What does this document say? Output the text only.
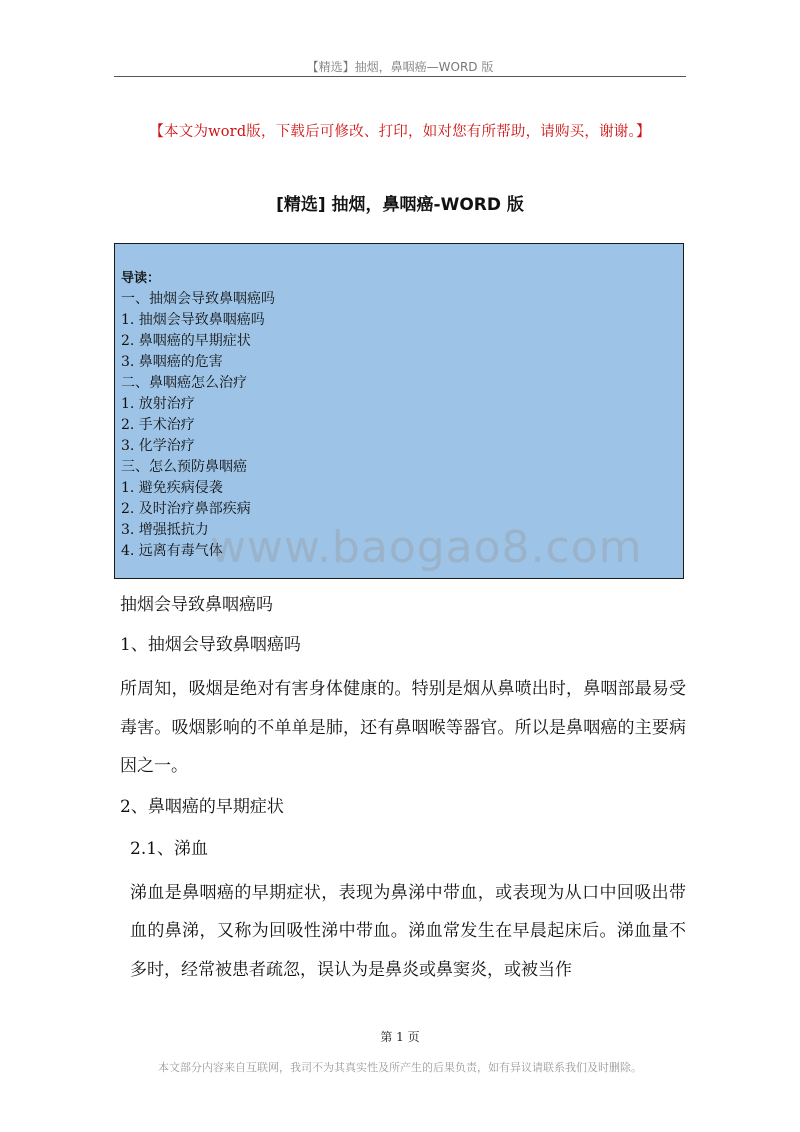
【精选】抽烟，鼻咽癌—WORD 版
【本文为word版，下载后可修改、打印，如对您有所帮助，请购买，谢谢。】
[精选] 抽烟，鼻咽癌-WORD 版
导读：
一、抽烟会导致鼻咽癌吗
1. 抽烟会导致鼻咽癌吗
2. 鼻咽癌的早期症状
3. 鼻咽癌的危害
二、鼻咽癌怎么治疗
1. 放射治疗
2. 手术治疗
3. 化学治疗
三、怎么预防鼻咽癌
1. 避免疾病侵袭
2. 及时治疗鼻部疾病
3. 增强抵抗力
4. 远离有毒气体
www.baogao8.com

抽烟会导致鼻咽癌吗

1、抽烟会导致鼻咽癌吗

所周知，吸烟是绝对有害身体健康的。特别是烟从鼻喷出时，鼻咽部最易受毒害。吸烟影响的不单单是肺，还有鼻咽喉等器官。所以是鼻咽癌的主要病因之一。

2、鼻咽癌的早期症状

2.1、涕血

涕血是鼻咽癌的早期症状，表现为鼻涕中带血，或表现为从口中回吸出带血的鼻涕，又称为回吸性涕中带血。涕血常发生在早晨起床后。涕血量不多时，经常被患者疏忽，误认为是鼻炎或鼻窦炎，或被当作

第 1 页
本文部分内容来自互联网，我司不为其真实性及所产生的后果负责，如有异议请联系我们及时删除。
